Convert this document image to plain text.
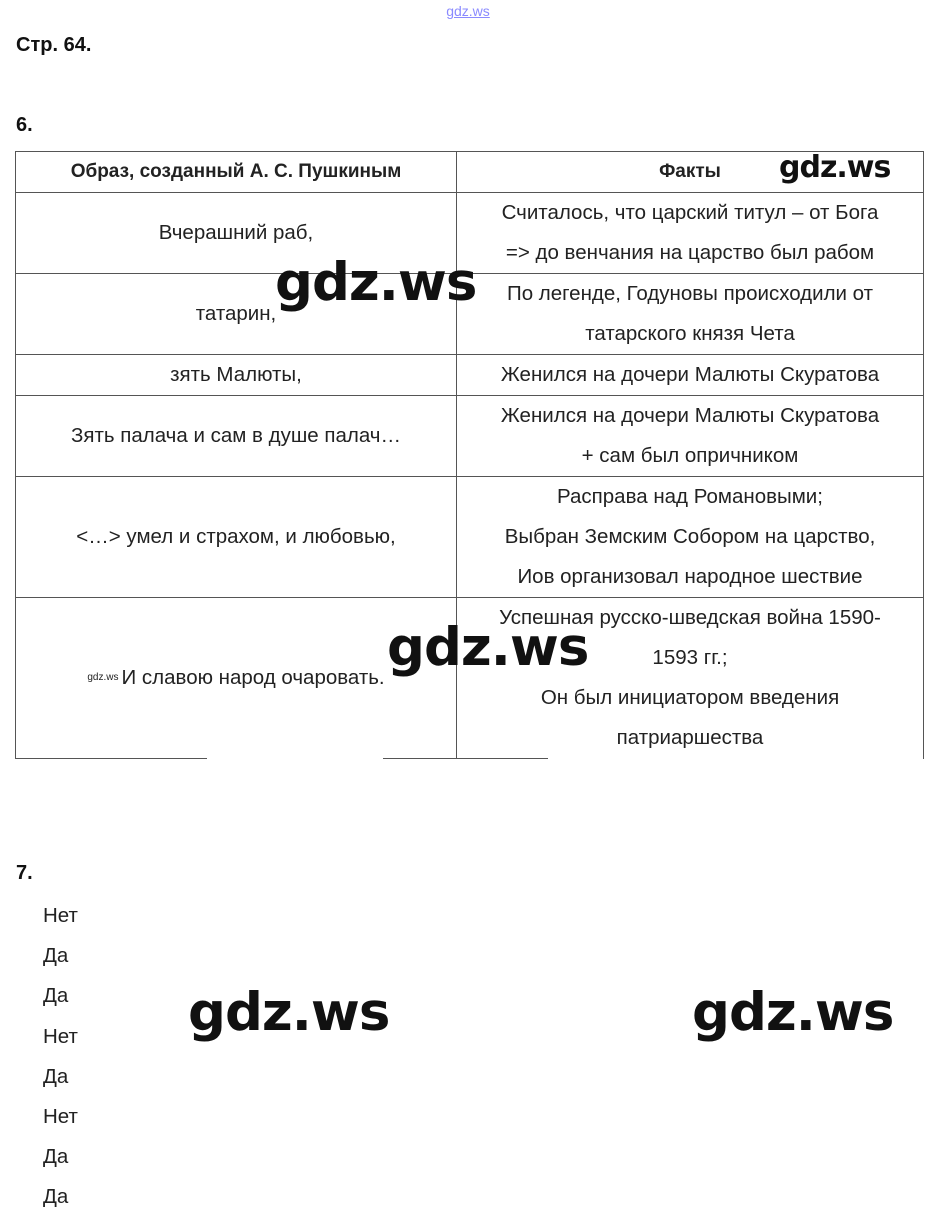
gdz.ws
Стр. 64.
6.
Образ, созданный А. С. Пушкиным	Факты
Вчерашний раб,	Считалось, что царский титул – от Бога
=> до венчания на царство был рабом

татарин,	По легенде, Годуновы происходили от
татарского князя Чета

зять Малюты,	Женился на дочери Малюты Скуратова

Зять палача и сам в душе палач…	Женился на дочери Малюты Скуратова
+ сам был опричником

<…> умел и страхом, и любовью,	Расправа над Романовыми;
Выбран Земским Собором на царство,
Иов организовал народное шествие

gdz.ws И славою народ очаровать.	Успешная русско-шведская война 1590-
1593 гг.;
Он был инициатором введения
патриаршества
7.
Нет
Да
Да
Нет
Да
Нет
Да
Да
gdz.ws
gdz.ws
gdz.ws
gdz.ws	gdz.ws
